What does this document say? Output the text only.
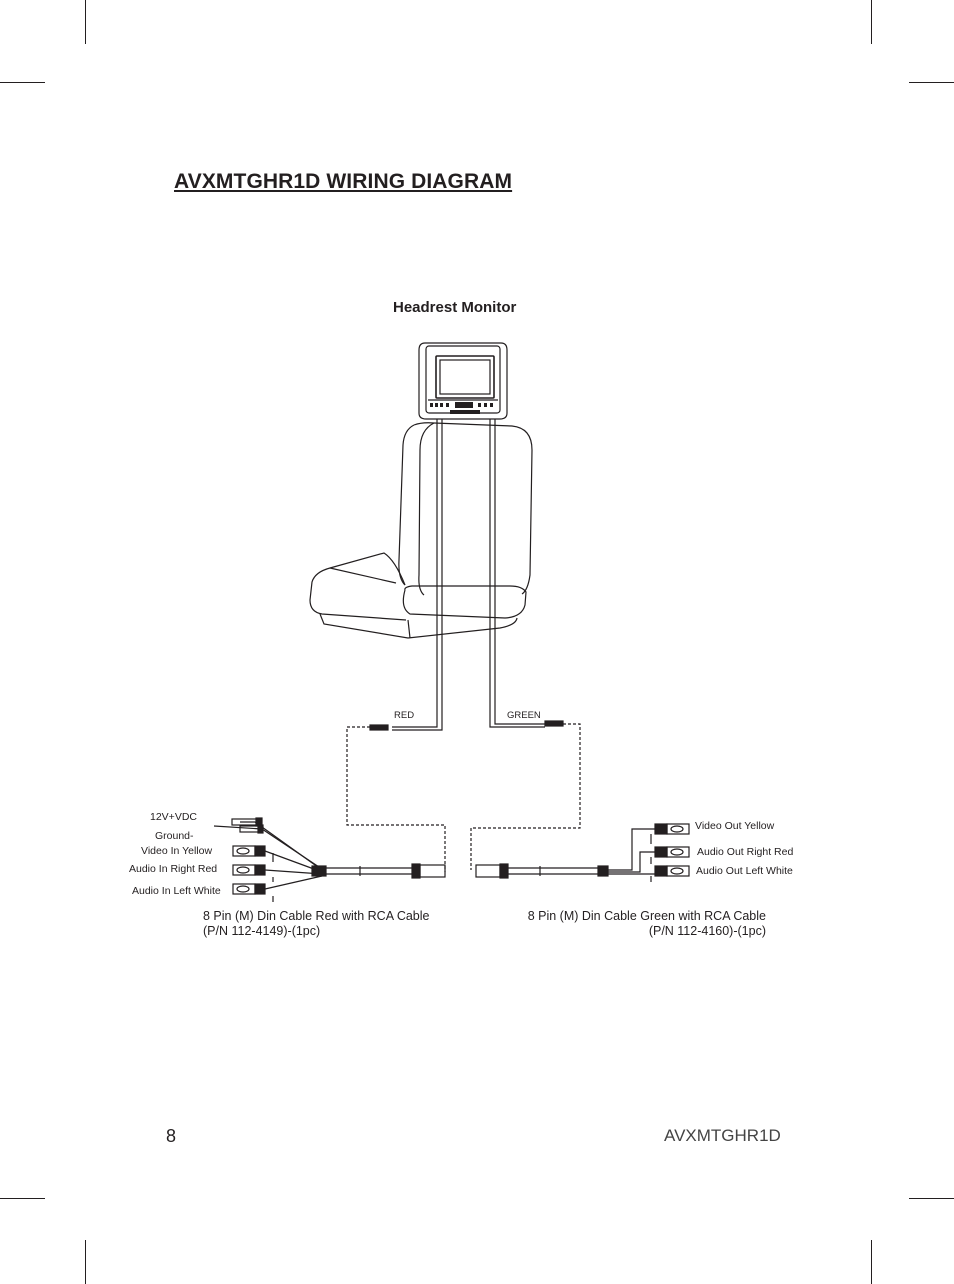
AVXMTGHR1D WIRING DIAGRAM
Headrest Monitor
RED	GREEN
12V+VDC
Ground-
Video In Yellow
Audio In Right Red
Audio In Left White
Video Out Yellow
Audio Out Right Red
Audio Out Left White
8 Pin (M) Din Cable Red with RCA Cable
(P/N 112-4149)-(1pc)
8 Pin (M) Din Cable Green with RCA Cable
(P/N 112-4160)-(1pc)
8	AVXMTGHR1D
